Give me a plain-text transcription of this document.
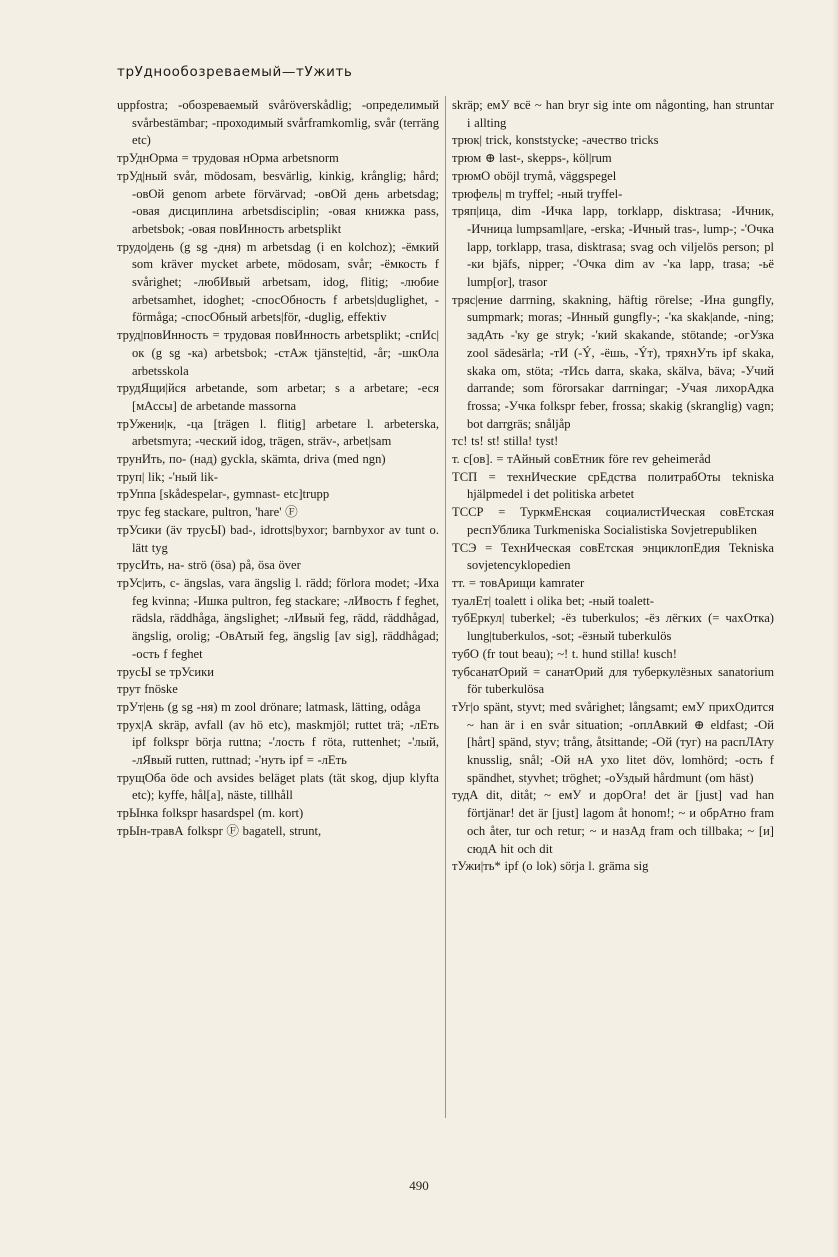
трУднообозреваемый—тУжить

uppfostra; -обозреваемый svåröverskådlig; -определимый svårbestämbar; -проходимый svårframkomlig, svår (terräng etc)

трУднОрма = трудовая нОрма arbetsnorm

трУд|ный svår, mödosam, besvärlig, kinkig, krånglig; hård; -овОй genom arbete förvärvad; -овОй день arbetsdag; -овая дисциплина arbetsdisciplin; -овая книжка pass, arbetsbok; -овая повИнность arbetsplikt

трудо|день (g sg -дня) m arbetsdag (i en kolchoz); -ёмкий som kräver mycket arbete, mödosam, svår; -ёмкость f svårighet; -любИвый arbetsam, idog, flitig; -любие arbetsamhet, idoghet; -спосОбность f arbets|duglighet, -förmåga; -спосОбный arbets|för, -duglig, effektiv

труд|повИнность = трудовая повИнность arbetsplikt; -спИс|ок (g sg -ка) arbetsbok; -стАж tjänste|tid, -år; -шкОла arbetsskola

трудЯщи|йся arbetande, som arbetar; s a arbetare; -еся [мАссы] de arbetande massorna

трУжени|к, -ца [trägen l. flitig] arbetare l. arbeterska, arbetsmyra; -ческий idog, trägen, sträv-, arbet|sam

трунИть, по- (над) gyckla, skämta, driva (med ngn)

труп| lik; -'ный lik-

трУппа [skådespelar-, gymnast- etc]trupp

трус feg stackare, pultron, 'hare' Ⓕ

трУсики (äv трусЫ) bad-, idrotts|byxor; barnbyxor av tunt o. lätt tyg

трусИть, на- strö (ösa) på, ösa över

трУс|ить, с- ängslas, vara ängslig l. rädd; förlora modet; -Иха feg kvinna; -Ишка pultron, feg stackare; -лИвость f feghet, rädsla, räddhåga, ängslighet; -лИвый feg, rädd, räddhågad, ängslig, orolig; -ОвАтый feg, ängslig [av sig], räddhågad; -ость f feghet

трусЫ se трУсики

трут fnöske

трУт|ень (g sg -ня) m zool drönare; latmask, lätting, odåga

трух|А skräp, avfall (av hö etc), maskmjöl; ruttet trä; -лЕть ipf folkspr börja ruttna; -'лость f röta, ruttenhet; -'лый, -лЯвый rutten, ruttnad; -'нуть ipf = -лЕть

трущОба öde och avsides beläget plats (tät skog, djup klyfta etc); kyffe, hål[a], näste, tillhåll

трЫнка folkspr hasardspel (m. kort)

трЫн-травА folkspr Ⓕ bagatell, strunt,

skräp; емУ всё ~ han bryr sig inte om någonting, han struntar i allting

трюк| trick, konststycke; -ачество tricks

трюм ⊕ last-, skepps-, köl|rum

трюмО oböjl trymå, väggspegel

трюфель| m tryffel; -ный tryffel-

тряп|ица, dim -Ичка lapp, torklapp, disktrasa; -Ичник, -Ичница lumpsaml|are, -erska; -Ичный tras-, lump-; -'Очка lapp, torklapp, trasa, disktrasa; svag och viljelös person; pl -ки bjäfs, nipper; -'Очка dim av -'ка lapp, trasa; -ьё lump[or], trasor

тряс|ение darrning, skakning, häftig rörelse; -Ина gungfly, sumpmark; moras; -Инный gungfly-; -'ка skak|ande, -ning; задАть -'ку ge stryk; -'кий skakande, stötande; -огУзка zool sädesärla; -тИ (-Ý, -ёшь, -Ýт), тряхнУть ipf skaka, skaka om, stöta; -тИсь darra, skaka, skälva, bäva; -Учий darrande; som förorsakar darrningar; -Учая лихорАдка frossa; -Учка folkspr feber, frossa; skakig (skranglig) vagn; bot darrgräs; snåljåp

тс! ts! st! stilla! tyst!

т. с[ов]. = тАйный совЕтник före rev geheimeråd

ТСП = технИческие срЕдства политрабОты tekniska hjälpmedel i det politiska arbetet

ТССР = ТуркмЕнская социалистИческая совЕтская респУблика Turkmeniska Socialistiska Sovjetrepubliken

ТСЭ = ТехнИческая совЕтская энциклопЕдия Tekniska sovjetencyklopedien

тт. = товАрищи kamrater

туалЕт| toalett i olika bet; -ный toalett-

тубЕркул| tuberkel; -ёз tuberkulos; -ёз лёгких (= чахОтка) lung|tuberkulos, -sot; -ёзный tuberkulös

тубО (fr tout beau); ~! t. hund stilla! kusch!

тубсанатОрий = санатОрий для туберкулёзных sanatorium för tuberkulösa

тУг|о spänt, styvt; med svårighet; långsamt; емУ прихОдится ~ han är i en svår situation; -оплАвкий ⊕ eldfast; -Ой [hårt] spänd, styv; trång, åtsittande; -Ой (туг) на распЛАту knusslig, snål; -Ой нА ухо litet döv, lomhörd; -ость f spändhet, styvhet; tröghet; -оУздый hårdmunt (om häst)

тудА dit, ditåt; ~ емУ и дорОга! det är [just] vad han förtjänar! det är [just] lagom åt honom!; ~ и обрАтно fram och åter, tur och retur; ~ и назАд fram och tillbaka; ~ [и] сюдА hit och dit

тУжи|ть* ipf (о lok) sörja l. gräma sig

490
